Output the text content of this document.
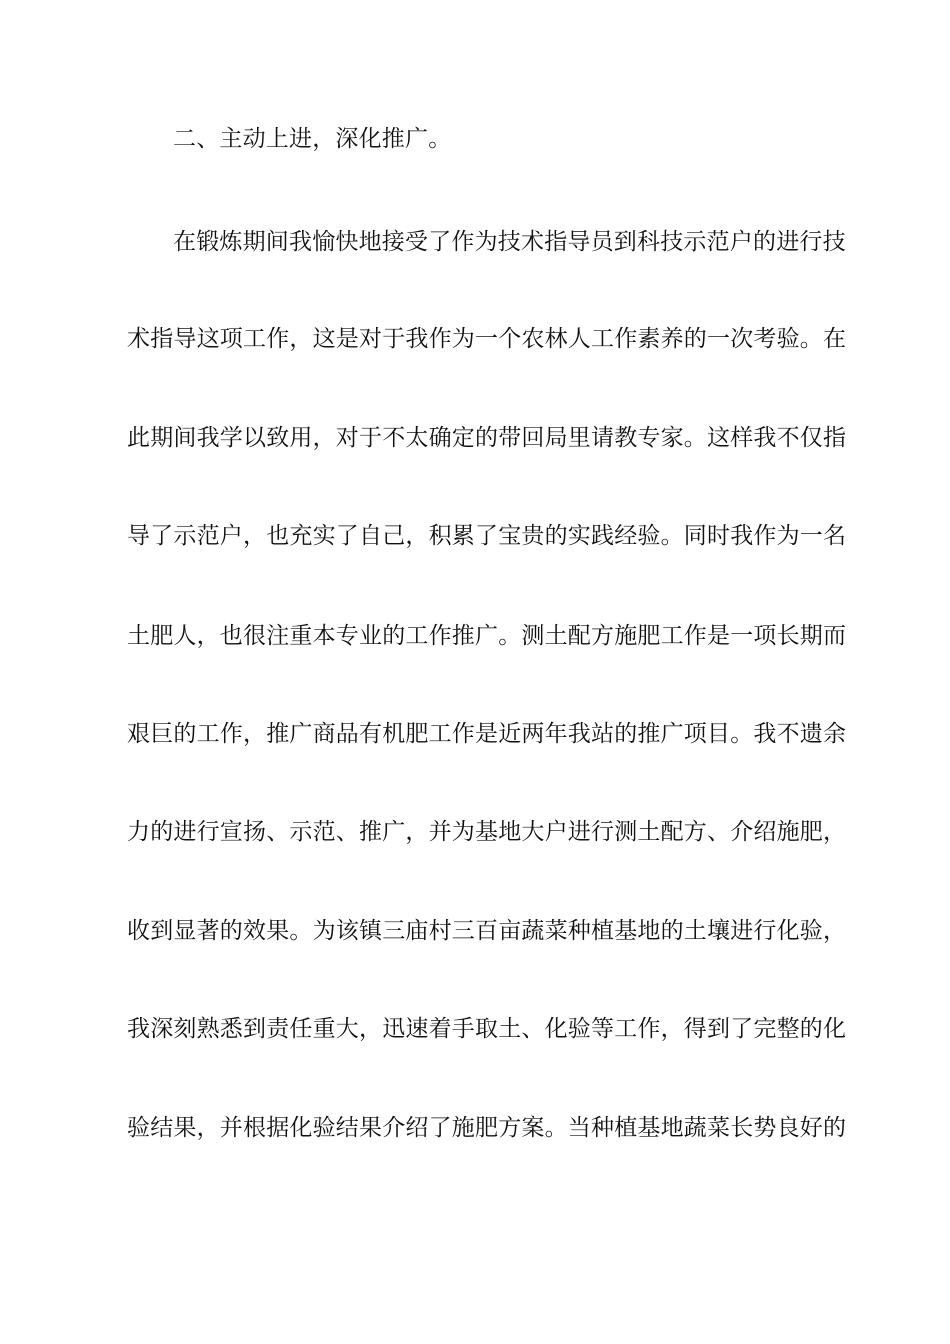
二、主动上进，深化推广。
在锻炼期间我愉快地接受了作为技术指导员到科技示范户的进行技
术指导这项工作，这是对于我作为一个农林人工作素养的一次考验。在
此期间我学以致用，对于不太确定的带回局里请教专家。这样我不仅指
导了示范户，也充实了自己，积累了宝贵的实践经验。同时我作为一名
土肥人，也很注重本专业的工作推广。测土配方施肥工作是一项长期而
艰巨的工作，推广商品有机肥工作是近两年我站的推广项目。我不遗余
力的进行宣扬、示范、推广，并为基地大户进行测土配方、介绍施肥，
收到显著的效果。为该镇三庙村三百亩蔬菜种植基地的土壤进行化验，
我深刻熟悉到责任重大，迅速着手取土、化验等工作，得到了完整的化
验结果，并根据化验结果介绍了施肥方案。当种植基地蔬菜长势良好的
